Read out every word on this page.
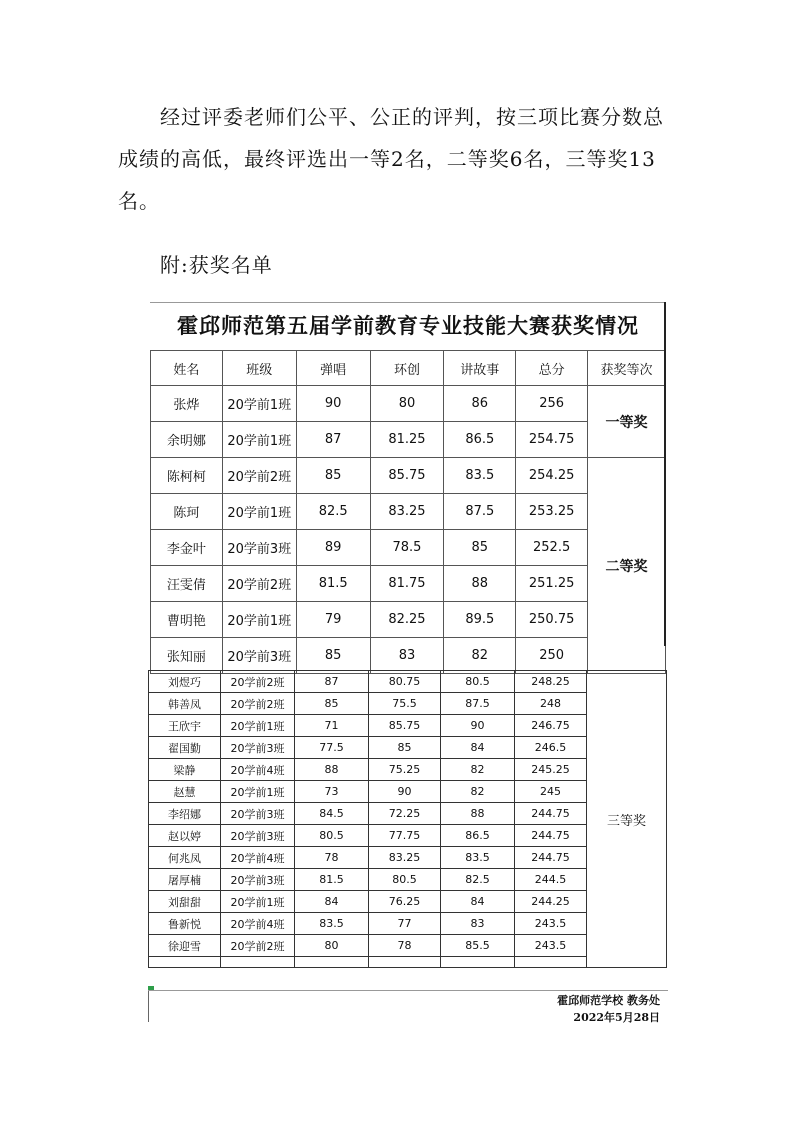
经过评委老师们公平、公正的评判，按三项比赛分数总成绩的高低，最终评选出一等2名，二等奖6名，三等奖13名。
附:获奖名单
霍邱师范第五届学前教育专业技能大赛获奖情况
姓名	班级	弹唱	环创	讲故事	总分	获奖等次
张烨	20学前1班	90	80	86	256	一等奖
余明娜	20学前1班	87	81.25	86.5	254.75	
陈柯柯	20学前2班	85	85.75	83.5	254.25	二等奖
陈珂	20学前1班	82.5	83.25	87.5	253.25	
李金叶	20学前3班	89	78.5	85	252.5	
汪雯倩	20学前2班	81.5	81.75	88	251.25	
曹明艳	20学前1班	79	82.25	89.5	250.75	
张知丽	20学前3班	85	83	82	250	
刘煜巧	20学前2班	87	80.75	80.5	248.25	三等奖
韩善凤	20学前2班	85	75.5	87.5	248	
王欣宇	20学前1班	71	85.75	90	246.75	
翟国勤	20学前3班	77.5	85	84	246.5	
梁静	20学前4班	88	75.25	82	245.25	
赵慧	20学前1班	73	90	82	245	
李绍娜	20学前3班	84.5	72.25	88	244.75	
赵以婷	20学前3班	80.5	77.75	86.5	244.75	
何兆凤	20学前4班	78	83.25	83.5	244.75	
屠厚楠	20学前3班	81.5	80.5	82.5	244.5	
刘甜甜	20学前1班	84	76.25	84	244.25	
鲁新悦	20学前4班	83.5	77	83	243.5	
徐迎雪	20学前2班	80	78	85.5	243.5	

霍邱师范学校 教务处
2022年5月28日
